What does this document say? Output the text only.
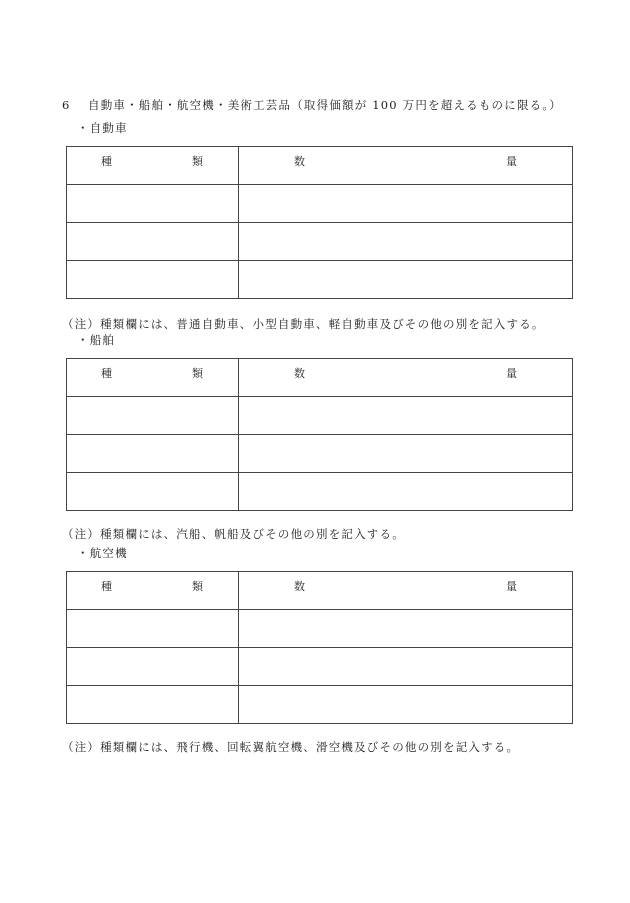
6 自動車・船舶・航空機・美術工芸品（取得価額が 100 万円を超えるものに限る。）
・自動車
種 類	数 量

（注）種類欄には、普通自動車、小型自動車、軽自動車及びその他の別を記入する。
・船舶
種 類	数 量

（注）種類欄には、汽船、帆船及びその他の別を記入する。
・航空機
種 類	数 量

（注）種類欄には、飛行機、回転翼航空機、滑空機及びその他の別を記入する。
